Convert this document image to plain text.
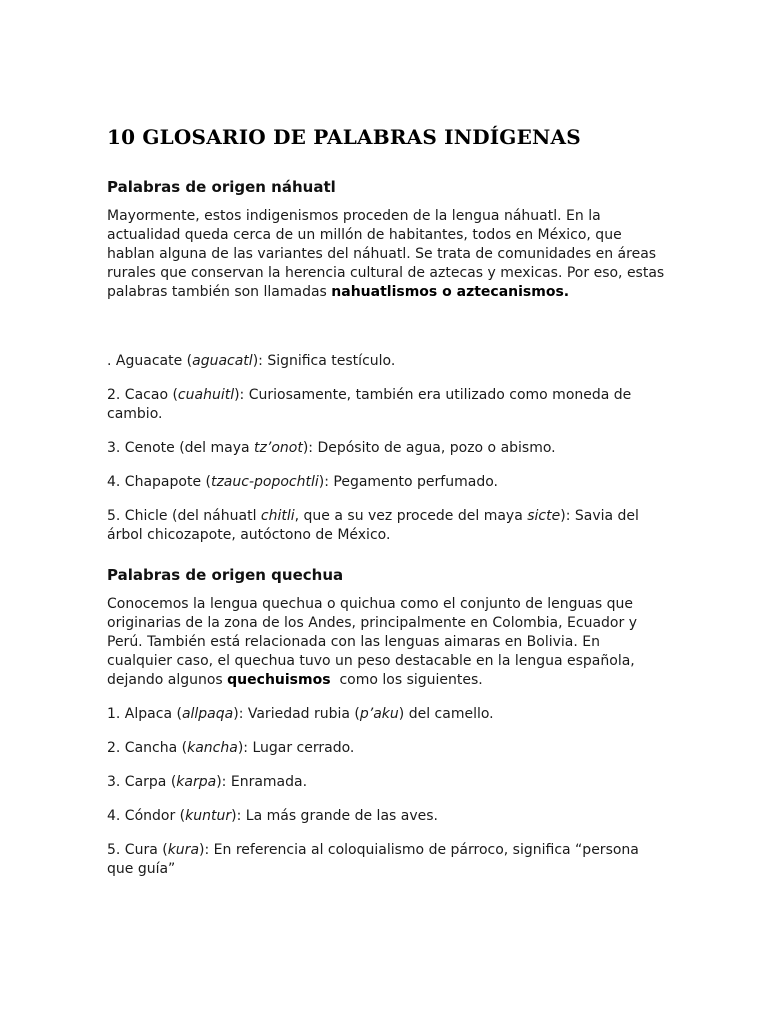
10 GLOSARIO DE PALABRAS INDÍGENAS
Palabras de origen náhuatl

Mayormente, estos indigenismos proceden de la lengua náhuatl. En la actualidad queda cerca de un millón de habitantes, todos en México, que hablan alguna de las variantes del náhuatl. Se trata de comunidades en áreas rurales que conservan la herencia cultural de aztecas y mexicas. Por eso, estas palabras también son llamadas nahuatlismos o aztecanismos.

. Aguacate (aguacatl): Significa testículo.
2. Cacao (cuahuitl): Curiosamente, también era utilizado como moneda de cambio.
3. Cenote (del maya tz’onot): Depósito de agua, pozo o abismo.
4. Chapapote (tzauc-popochtli): Pegamento perfumado.
5. Chicle (del náhuatl chitli, que a su vez procede del maya sicte): Savia del árbol chicozapote, autóctono de México.
Palabras de origen quechua

Conocemos la lengua quechua o quichua como el conjunto de lenguas que originarias de la zona de los Andes, principalmente en Colombia, Ecuador y Perú. También está relacionada con las lenguas aimaras en Bolivia. En cualquier caso, el quechua tuvo un peso destacable en la lengua española, dejando algunos quechuismos  como los siguientes.

1. Alpaca (allpaqa): Variedad rubia (p’aku) del camello.
2. Cancha (kancha): Lugar cerrado.
3. Carpa (karpa): Enramada.
4. Cóndor (kuntur): La más grande de las aves.
5. Cura (kura): En referencia al coloquialismo de párroco, significa “persona que guía”
